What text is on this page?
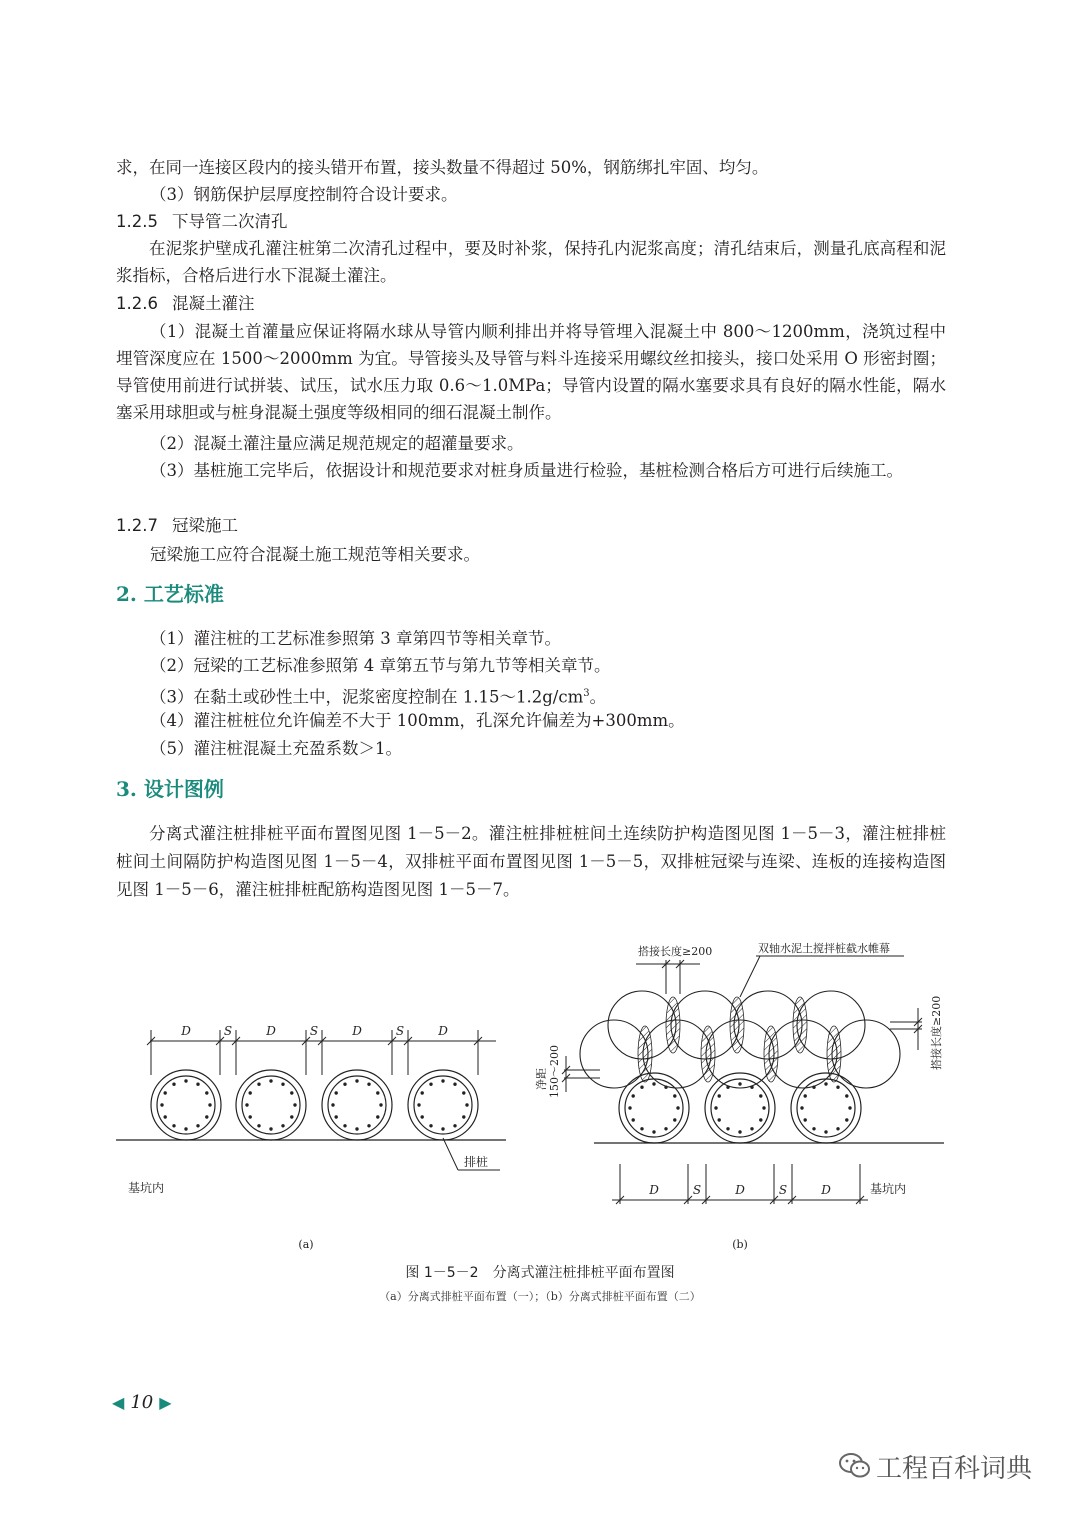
求，在同一连接区段内的接头错开布置，接头数量不得超过 50%，钢筋绑扎牢固、均匀。
（3）钢筋保护层厚度控制符合设计要求。
1.2.5 下导管二次清孔
在泥浆护壁成孔灌注桩第二次清孔过程中，要及时补浆，保持孔内泥浆高度；清孔结束后，测量孔底高程和泥浆指标，合格后进行水下混凝土灌注。
1.2.6 混凝土灌注
（1）混凝土首灌量应保证将隔水球从导管内顺利排出并将导管埋入混凝土中 800～1200mm，浇筑过程中埋管深度应在 1500～2000mm 为宜。导管接头及导管与料斗连接采用螺纹丝扣接头，接口处采用 O 形密封圈；导管使用前进行试拼装、试压，试水压力取 0.6～1.0MPa；导管内设置的隔水塞要求具有良好的隔水性能，隔水塞采用球胆或与桩身混凝土强度等级相同的细石混凝土制作。
（2）混凝土灌注量应满足规范规定的超灌量要求。
（3）基桩施工完毕后，依据设计和规范要求对桩身质量进行检验，基桩检测合格后方可进行后续施工。
1.2.7 冠梁施工
冠梁施工应符合混凝土施工规范等相关要求。
2. 工艺标准
（1）灌注桩的工艺标准参照第 3 章第四节等相关章节。
（2）冠梁的工艺标准参照第 4 章第五节与第九节等相关章节。
（3）在黏土或砂性土中，泥浆密度控制在 $1.15\sim 1.2g/cm^3$。
（4）灌注桩桩位允许偏差不大于 100mm，孔深允许偏差为+300mm。
（5）灌注桩混凝土充盈系数＞1。
3. 设计图例
分离式灌注桩排桩平面布置图见图 1－5－2。灌注桩排桩桩间土连续防护构造图见图 1－5－3，灌注桩排桩桩间土间隔防护构造图见图 1－5－4，双排桩平面布置图见图 1－5－5，双排桩冠梁与连梁、连板的连接构造图见图 1－5－6，灌注桩排桩配筋构造图见图 1－5－7。
D	S	D	S	D	S	D
排桩
基坑内
(a)
搭接长度≥200	双轴水泥土搅拌桩截水帷幕
搭接长度≥200
净距 150～200
D	S	D	S	D	基坑内
(b)
图 1－5－2　分离式灌注桩排桩平面布置图
（a）分离式排桩平面布置（一）；（b）分离式排桩平面布置（二）
◀ 10 ▶
工程百科词典
